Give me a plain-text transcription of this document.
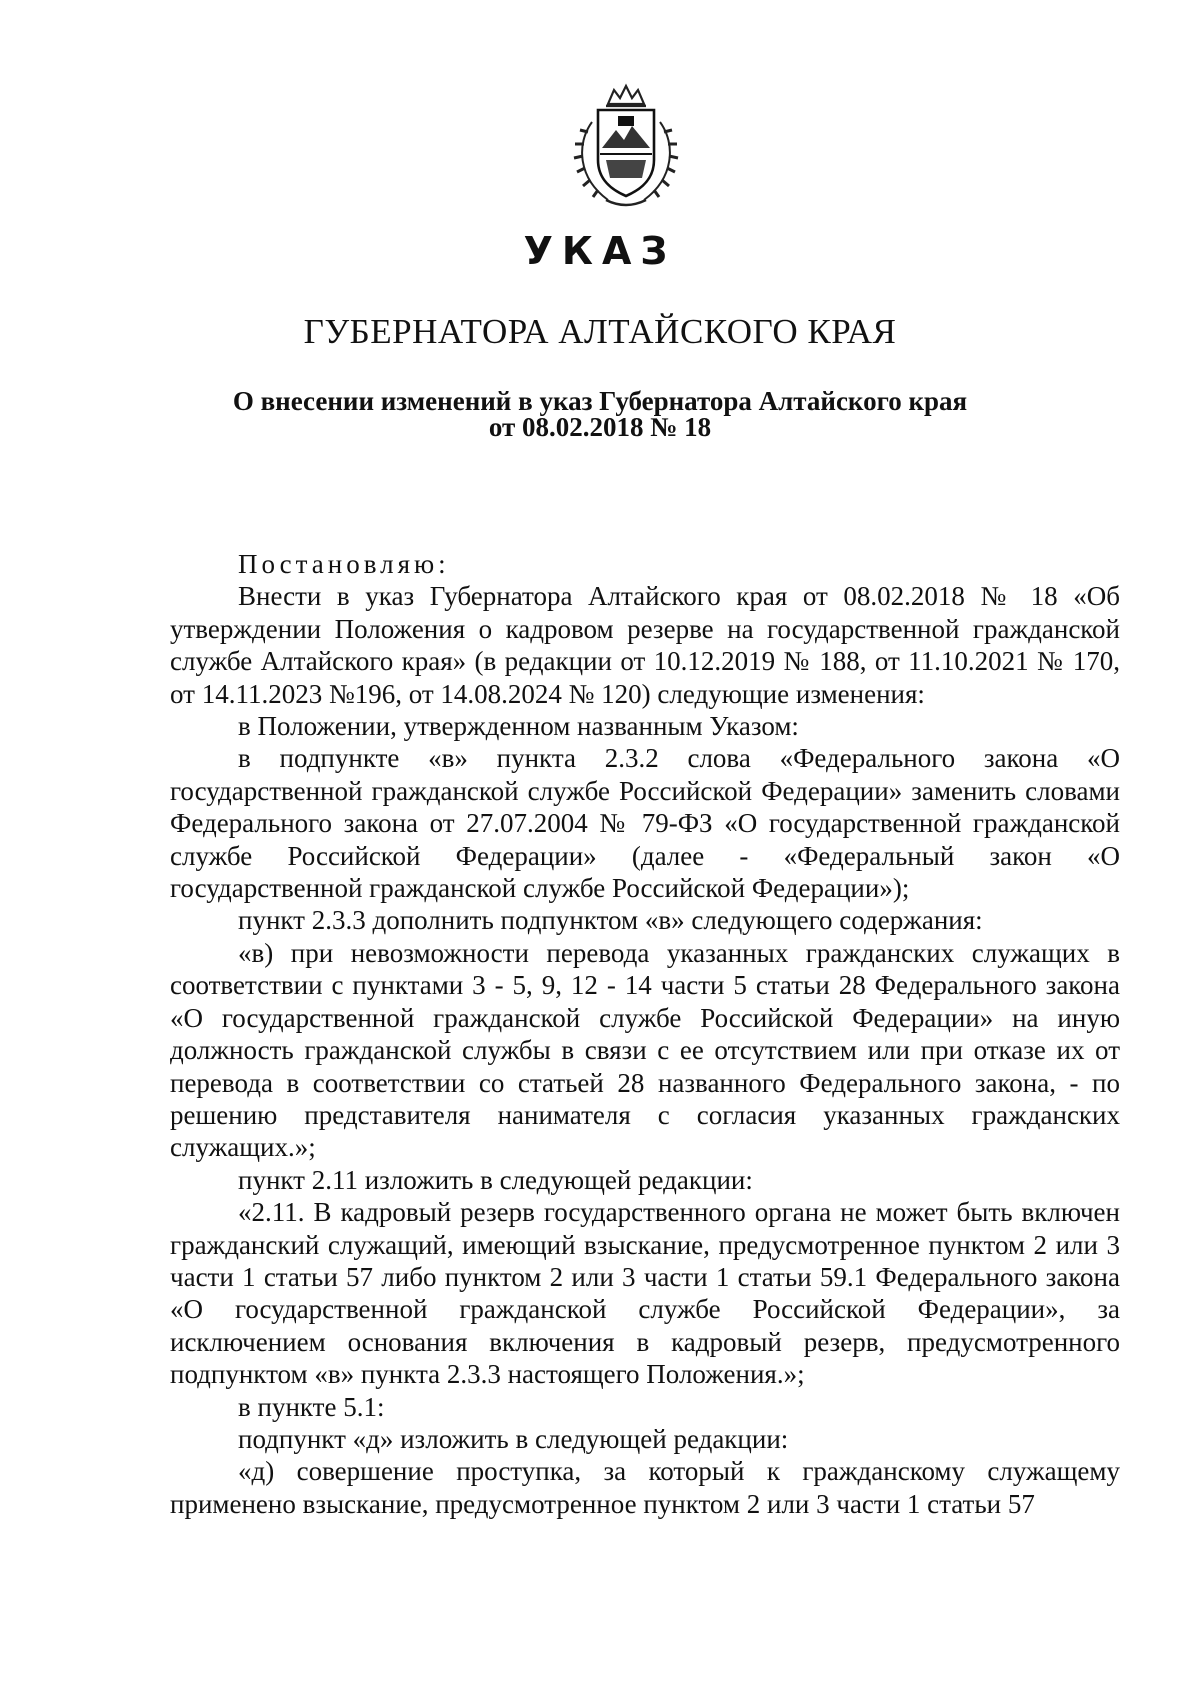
УКАЗ
ГУБЕРНАТОРА АЛТАЙСКОГО КРАЯ
О внесении изменений в указ Губернатора Алтайского края
от 08.02.2018 № 18

Постановляю:

Внести в указ Губернатора Алтайского края от 08.02.2018 № 18 «Об утверждении Положения о кадровом резерве на государственной гражданской службе Алтайского края» (в редакции от 10.12.2019 № 188, от 11.10.2021 № 170, от 14.11.2023 №196, от 14.08.2024 № 120) следующие изменения:

в Положении, утвержденном названным Указом:

в подпункте «в» пункта 2.3.2 слова «Федерального закона «О государственной гражданской службе Российской Федерации» заменить словами Федерального закона от 27.07.2004 № 79-ФЗ «О государственной гражданской службе Российской Федерации» (далее - «Федеральный закон «О государственной гражданской службе Российской Федерации»);

пункт 2.3.3 дополнить подпунктом «в» следующего содержания:

«в) при невозможности перевода указанных гражданских служащих в соответствии с пунктами 3 - 5, 9, 12 - 14 части 5 статьи 28 Федерального закона «О государственной гражданской службе Российской Федерации» на иную должность гражданской службы в связи с ее отсутствием или при отказе их от перевода в соответствии со статьей 28 названного Федерального закона, - по решению представителя нанимателя с согласия указанных гражданских служащих.»;

пункт 2.11 изложить в следующей редакции:

«2.11. В кадровый резерв государственного органа не может быть включен гражданский служащий, имеющий взыскание, предусмотренное пунктом 2 или 3 части 1 статьи 57 либо пунктом 2 или 3 части 1 статьи 59.1 Федерального закона «О государственной гражданской службе Российской Федерации», за исключением основания включения в кадровый резерв, предусмотренного подпунктом «в» пункта 2.3.3 настоящего Положения.»;

в пункте 5.1:

подпункт «д» изложить в следующей редакции:

«д) совершение проступка, за который к гражданскому служащему применено взыскание, предусмотренное пунктом 2 или 3 части 1 статьи 57
